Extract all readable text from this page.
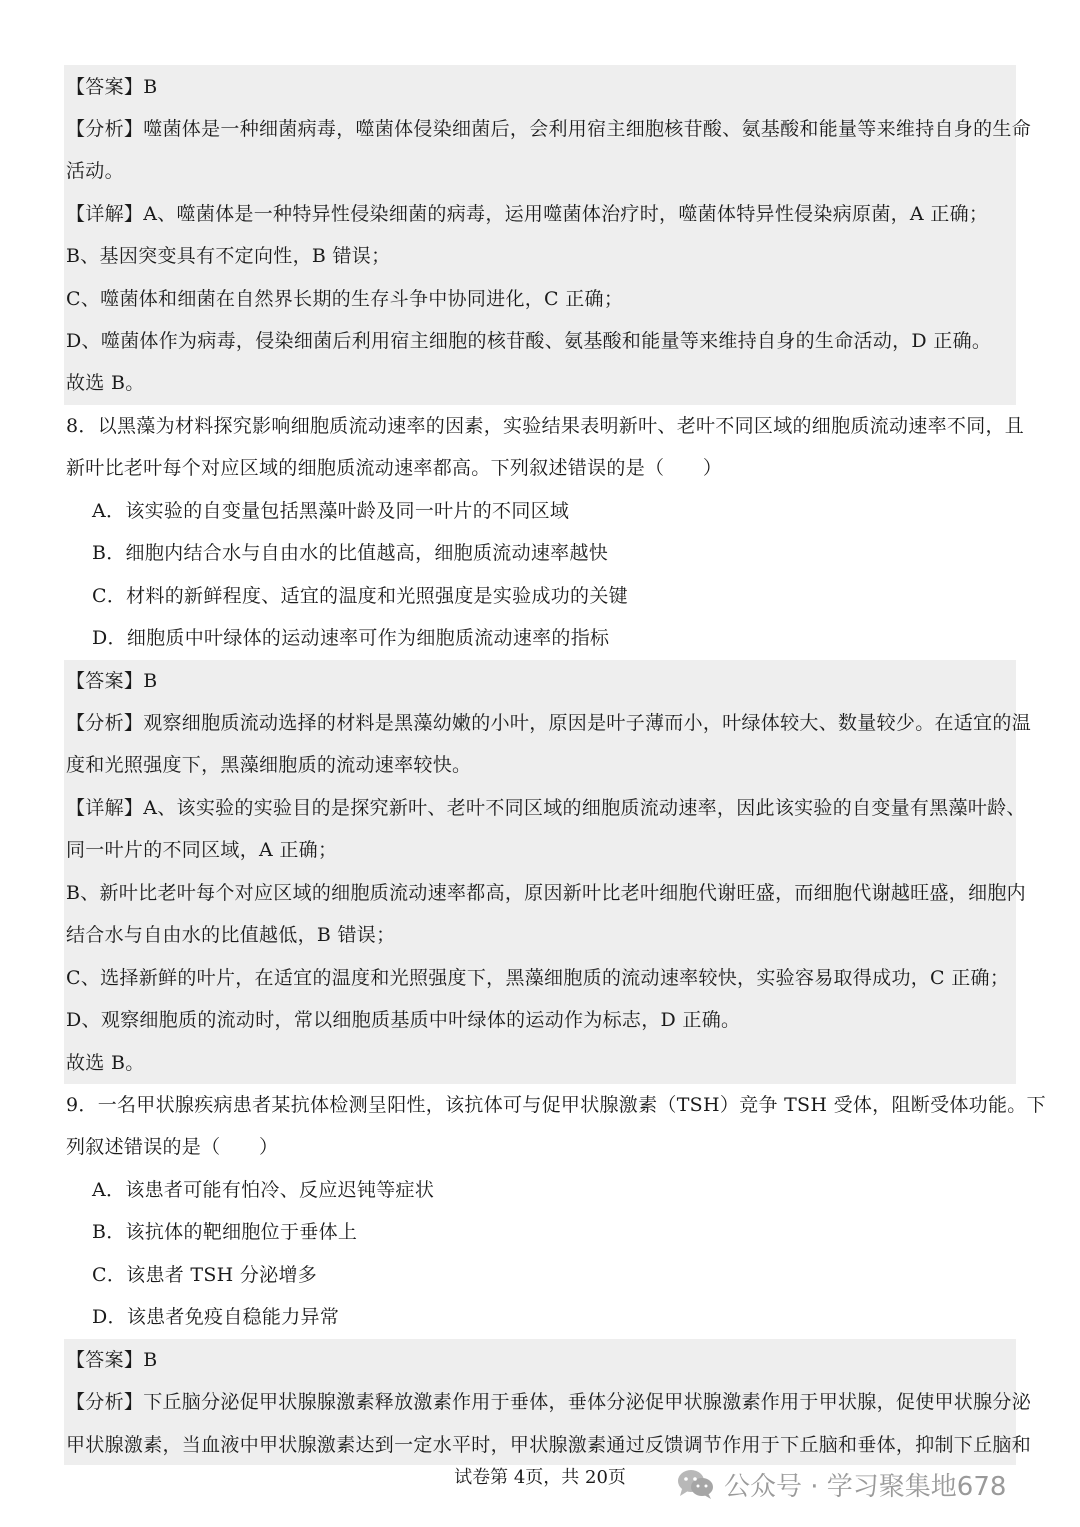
【答案】B
【分析】噬菌体是一种细菌病毒，噬菌体侵染细菌后，会利用宿主细胞核苷酸、氨基酸和能量等来维持自身的生命
活动。
【详解】A、噬菌体是一种特异性侵染细菌的病毒，运用噬菌体治疗时，噬菌体特异性侵染病原菌，A 正确；
B、基因突变具有不定向性，B 错误；
C、噬菌体和细菌在自然界长期的生存斗争中协同进化，C 正确；
D、噬菌体作为病毒，侵染细菌后利用宿主细胞的核苷酸、氨基酸和能量等来维持自身的生命活动，D 正确。
故选 B。
8．以黑藻为材料探究影响细胞质流动速率的因素，实验结果表明新叶、老叶不同区域的细胞质流动速率不同，且
新叶比老叶每个对应区域的细胞质流动速率都高。下列叙述错误的是（　　）
A．该实验的自变量包括黑藻叶龄及同一叶片的不同区域
B．细胞内结合水与自由水的比值越高，细胞质流动速率越快
C．材料的新鲜程度、适宜的温度和光照强度是实验成功的关键
D．细胞质中叶绿体的运动速率可作为细胞质流动速率的指标
【答案】B
【分析】观察细胞质流动选择的材料是黑藻幼嫩的小叶，原因是叶子薄而小，叶绿体较大、数量较少。在适宜的温
度和光照强度下，黑藻细胞质的流动速率较快。
【详解】A、该实验的实验目的是探究新叶、老叶不同区域的细胞质流动速率，因此该实验的自变量有黑藻叶龄、
同一叶片的不同区域，A 正确；
B、新叶比老叶每个对应区域的细胞质流动速率都高，原因新叶比老叶细胞代谢旺盛，而细胞代谢越旺盛，细胞内
结合水与自由水的比值越低，B 错误；
C、选择新鲜的叶片，在适宜的温度和光照强度下，黑藻细胞质的流动速率较快，实验容易取得成功，C 正确；
D、观察细胞质的流动时，常以细胞质基质中叶绿体的运动作为标志，D 正确。
故选 B。
9．一名甲状腺疾病患者某抗体检测呈阳性，该抗体可与促甲状腺激素（TSH）竞争 TSH 受体，阻断受体功能。下
列叙述错误的是（　　）
A．该患者可能有怕冷、反应迟钝等症状
B．该抗体的靶细胞位于垂体上
C．该患者 TSH 分泌增多
D．该患者免疫自稳能力异常
【答案】B
【分析】下丘脑分泌促甲状腺腺激素释放激素作用于垂体，垂体分泌促甲状腺激素作用于甲状腺，促使甲状腺分泌
甲状腺激素，当血液中甲状腺激素达到一定水平时，甲状腺激素通过反馈调节作用于下丘脑和垂体，抑制下丘脑和
试卷第 4页，共 20页	公众号 · 学习聚集地678
